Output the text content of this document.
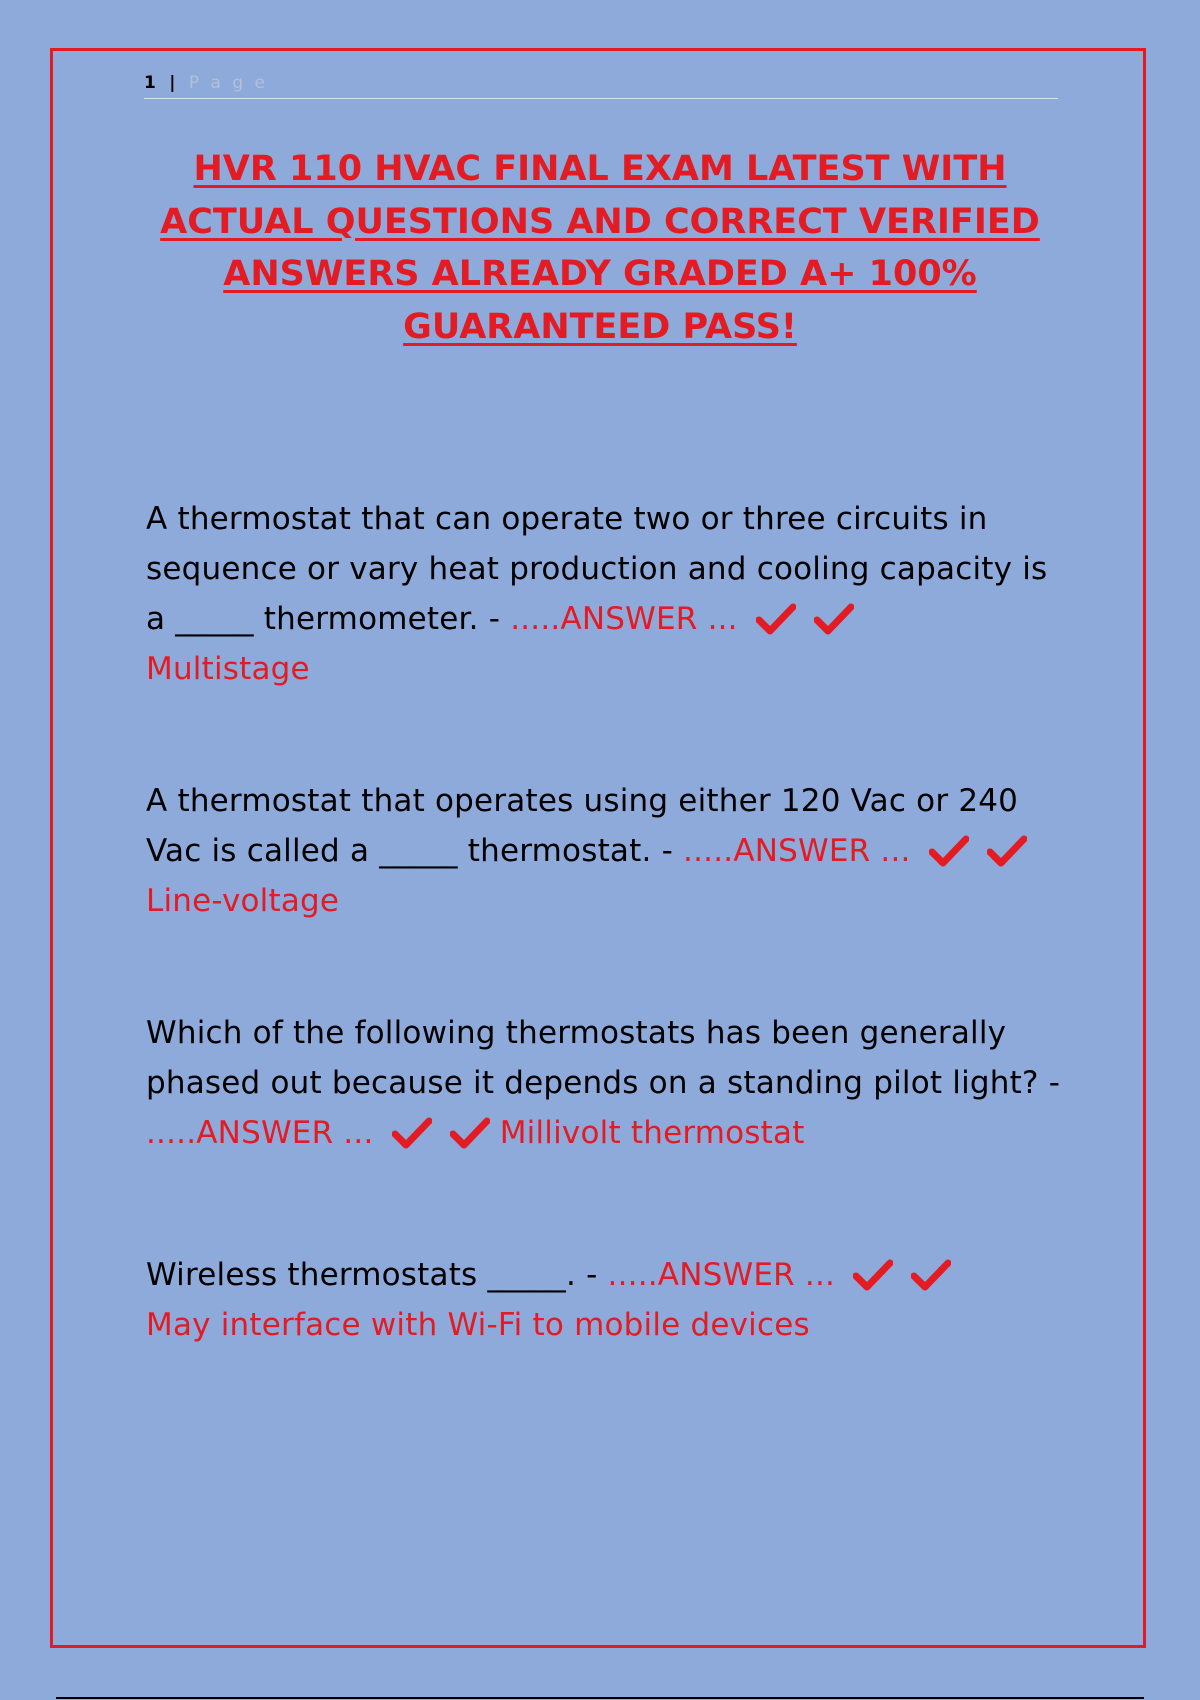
1 | P a g e
HVR 110 HVAC FINAL EXAM LATEST WITH ACTUAL QUESTIONS AND CORRECT VERIFIED ANSWERS ALREADY GRADED A+ 100% GUARANTEED PASS!
A thermostat that can operate two or three circuits in sequence or vary heat production and cooling capacity is a _____ thermometer. - .....ANSWER ...

Multistage
A thermostat that operates using either 120 Vac or 240 Vac is called a _____ thermostat. - .....ANSWER ...

Line-voltage
Which of the following thermostats has been generally phased out because it depends on a standing pilot light? - .....ANSWER ...
	Millivolt thermostat
Wireless thermostats _____. - .....ANSWER ...

May interface with Wi-Fi to mobile devices
